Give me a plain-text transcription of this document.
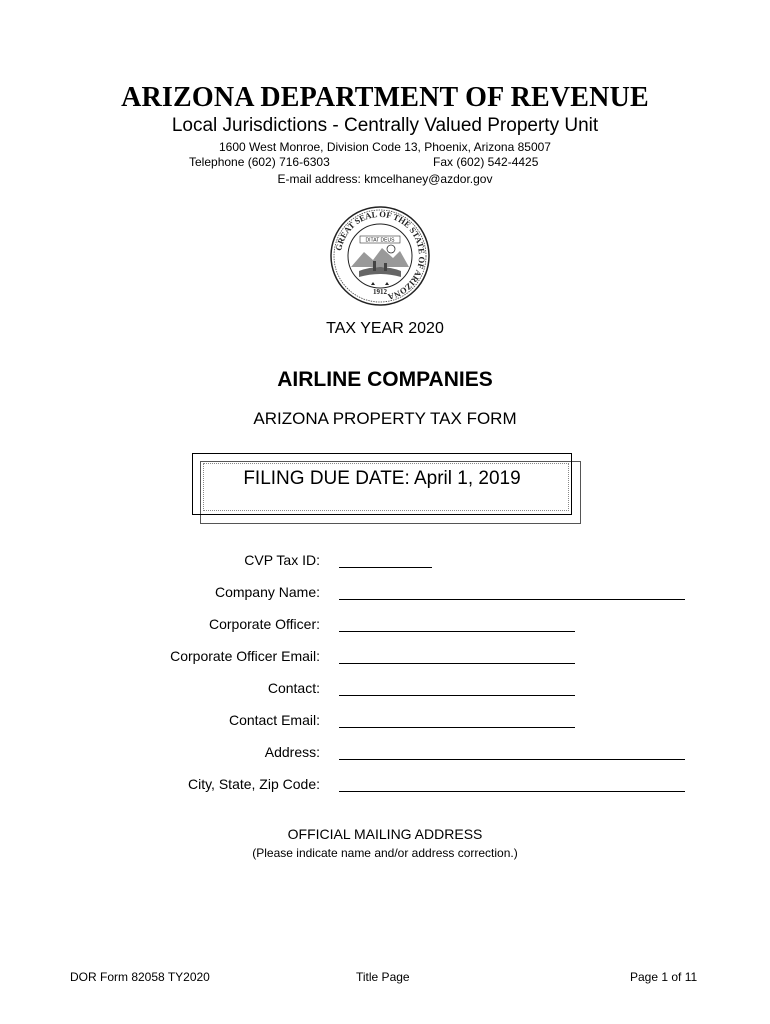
ARIZONA DEPARTMENT OF REVENUE
Local Jurisdictions - Centrally Valued Property Unit
1600 West Monroe, Division Code 13, Phoenix, Arizona 85007
Telephone (602) 716-6303	Fax (602) 542-4425
E-mail address: kmcelhaney@azdor.gov
GREAT SEAL OF THE STATE OF ARIZONA
DITAT DEUS
1912
TAX YEAR 2020
AIRLINE COMPANIES
ARIZONA PROPERTY TAX FORM
FILING DUE DATE: April 1, 2019
CVP Tax ID:
Company Name:
Corporate Officer:
Corporate Officer Email:
Contact:
Contact Email:
Address:
City, State, Zip Code:
OFFICIAL MAILING ADDRESS
(Please indicate name and/or address correction.)
DOR Form 82058 TY2020	Title Page	Page 1 of 11
